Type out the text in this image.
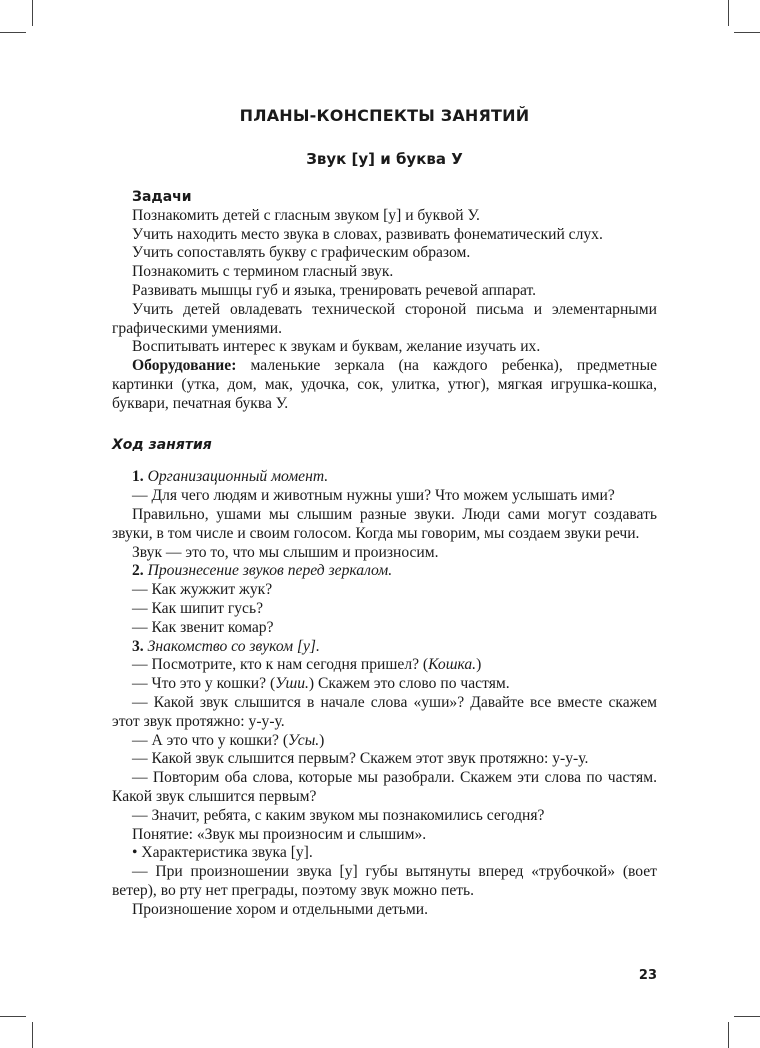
ПЛАНЫ-КОНСПЕКТЫ ЗАНЯТИЙ
Звук [у] и буква У

Задачи

Познакомить детей с гласным звуком [у] и буквой У.

Учить находить место звука в словах, развивать фонематический слух.

Учить сопоставлять букву с графическим образом.

Познакомить с термином гласный звук.

Развивать мышцы губ и языка, тренировать речевой аппарат.

Учить детей овладевать технической стороной письма и элементарными графическими умениями.

Воспитывать интерес к звукам и буквам, желание изучать их.

Оборудование: маленькие зеркала (на каждого ребенка), предметные картинки (утка, дом, мак, удочка, сок, улитка, утюг), мягкая игрушка-кошка, буквари, печатная буква У.

Ход занятия

1. Организационный момент.

— Для чего людям и животным нужны уши? Что можем услышать ими?

Правильно, ушами мы слышим разные звуки. Люди сами могут создавать звуки, в том числе и своим голосом. Когда мы говорим, мы создаем звуки речи.

Звук — это то, что мы слышим и произносим.

2. Произнесение звуков перед зеркалом.

— Как жужжит жук?

— Как шипит гусь?

— Как звенит комар?

3. Знакомство со звуком [у].

— Посмотрите, кто к нам сегодня пришел? (Кошка.)

— Что это у кошки? (Уши.) Скажем это слово по частям.

— Какой звук слышится в начале слова «уши»? Давайте все вместе скажем этот звук протяжно: у-у-у.

— А это что у кошки? (Усы.)

— Какой звук слышится первым? Скажем этот звук протяжно: у-у-у.

— Повторим оба слова, которые мы разобрали. Скажем эти слова по частям. Какой звук слышится первым?

— Значит, ребята, с каким звуком мы познакомились сегодня?

Понятие: «Звук мы произносим и слышим».

• Характеристика звука [у].

— При произношении звука [у] губы вытянуты вперед «трубочкой» (воет ветер), во рту нет преграды, поэтому звук можно петь.

Произношение хором и отдельными детьми.

23
